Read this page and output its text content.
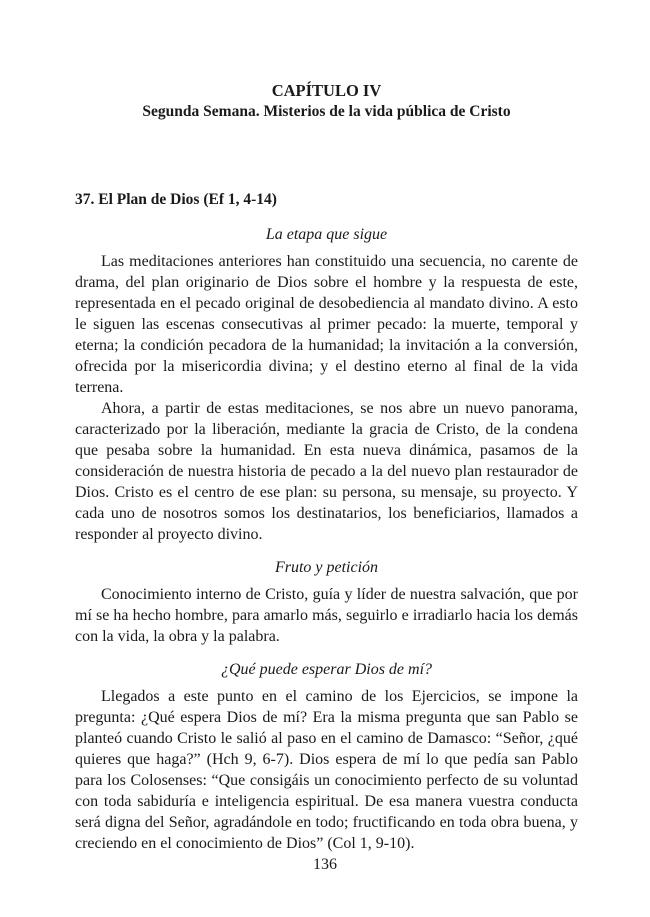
CAPÍTULO IV
Segunda Semana. Misterios de la vida pública de Cristo
37. El Plan de Dios (Ef 1, 4-14)
La etapa que sigue

Las meditaciones anteriores han constituido una secuencia, no carente de drama, del plan originario de Dios sobre el hombre y la respuesta de este, representada en el pecado original de desobediencia al mandato divino. A esto le siguen las escenas consecutivas al primer pecado: la muerte, temporal y eterna; la condición pecadora de la humanidad; la invitación a la conversión, ofrecida por la misericordia divina; y el destino eterno al final de la vida terrena.

Ahora, a partir de estas meditaciones, se nos abre un nuevo panorama, caracterizado por la liberación, mediante la gracia de Cristo, de la condena que pesaba sobre la humanidad. En esta nueva dinámica, pasamos de la consideración de nuestra historia de pecado a la del nuevo plan restaurador de Dios. Cristo es el centro de ese plan: su persona, su mensaje, su proyecto. Y cada uno de nosotros somos los destinatarios, los beneficiarios, llamados a responder al proyecto divino.

Fruto y petición

Conocimiento interno de Cristo, guía y líder de nuestra salvación, que por mí se ha hecho hombre, para amarlo más, seguirlo e irradiarlo hacia los demás con la vida, la obra y la palabra.

¿Qué puede esperar Dios de mí?

Llegados a este punto en el camino de los Ejercicios, se impone la pregunta: ¿Qué espera Dios de mí? Era la misma pregunta que san Pablo se planteó cuando Cristo le salió al paso en el camino de Damasco: “Señor, ¿qué quieres que haga?” (Hch 9, 6-7). Dios espera de mí lo que pedía san Pablo para los Colosenses: “Que consigáis un conocimiento perfecto de su voluntad con toda sabiduría e inteligencia espiritual. De esa manera vuestra conducta será digna del Señor, agradándole en todo; fructificando en toda obra buena, y creciendo en el conocimiento de Dios” (Col 1, 9-10).

136
